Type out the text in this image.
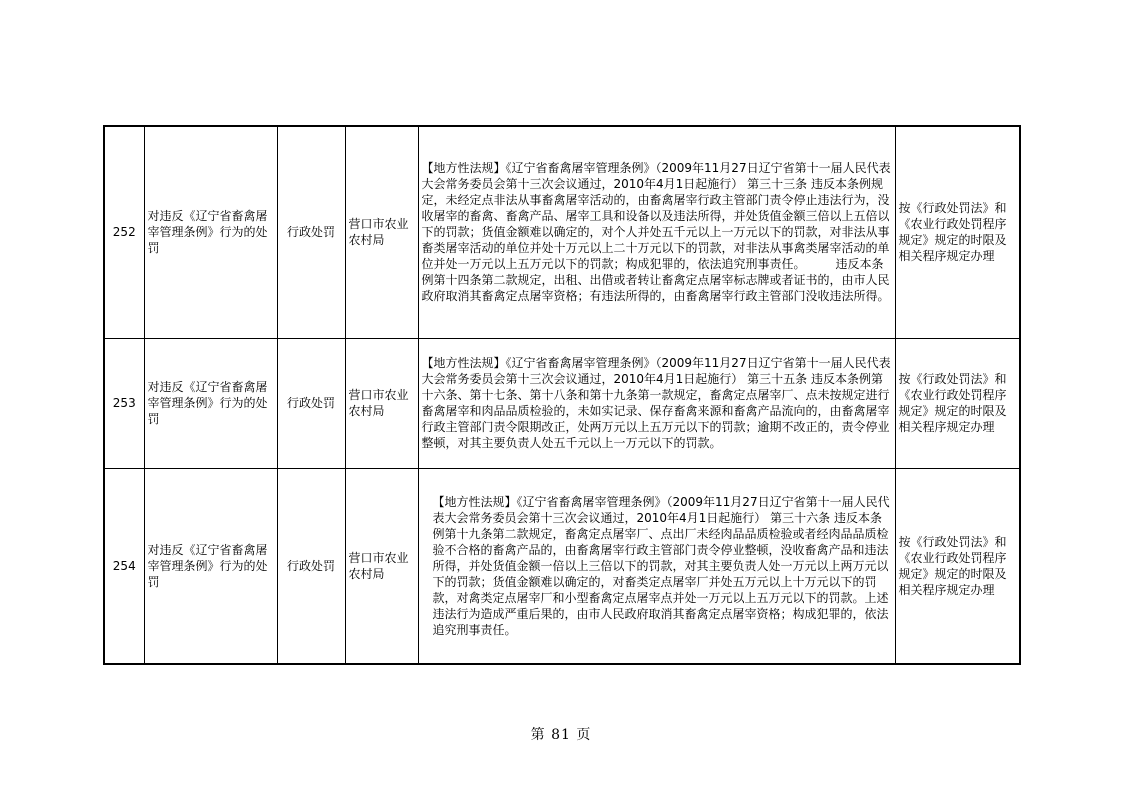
252	对违反《辽宁省畜禽屠宰管理条例》行为的处罚	行政处罚	营口市农业农村局	【地方性法规】《辽宁省畜禽屠宰管理条例》（2009年11月27日辽宁省第十一届人民代表大会常务委员会第十三次会议通过，2010年4月1日起施行） 第三十三条 违反本条例规定，未经定点非法从事畜禽屠宰活动的，由畜禽屠宰行政主管部门责令停止违法行为，没收屠宰的畜禽、畜禽产品、屠宰工具和设备以及违法所得，并处货值金额三倍以上五倍以下的罚款；货值金额难以确定的，对个人并处五千元以上一万元以下的罚款，对非法从事畜类屠宰活动的单位并处十万元以上二十万元以下的罚款，对非法从事禽类屠宰活动的单位并处一万元以上五万元以下的罚款；构成犯罪的，依法追究刑事责任。　　　违反本条例第十四条第二款规定，出租、出借或者转让畜禽定点屠宰标志牌或者证书的，由市人民政府取消其畜禽定点屠宰资格；有违法所得的，由畜禽屠宰行政主管部门没收违法所得。	按《行政处罚法》和《农业行政处罚程序规定》规定的时限及相关程序规定办理
253	对违反《辽宁省畜禽屠宰管理条例》行为的处罚	行政处罚	营口市农业农村局	【地方性法规】《辽宁省畜禽屠宰管理条例》（2009年11月27日辽宁省第十一届人民代表大会常务委员会第十三次会议通过，2010年4月1日起施行） 第三十五条 违反本条例第十六条、第十七条、第十八条和第十九条第一款规定，畜禽定点屠宰厂、点未按规定进行畜禽屠宰和肉品品质检验的，未如实记录、保存畜禽来源和畜禽产品流向的，由畜禽屠宰行政主管部门责令限期改正，处两万元以上五万元以下的罚款；逾期不改正的，责令停业整顿，对其主要负责人处五千元以上一万元以下的罚款。	按《行政处罚法》和《农业行政处罚程序规定》规定的时限及相关程序规定办理
254	对违反《辽宁省畜禽屠宰管理条例》行为的处罚	行政处罚	营口市农业农村局	【地方性法规】《辽宁省畜禽屠宰管理条例》（2009年11月27日辽宁省第十一届人民代表大会常务委员会第十三次会议通过，2010年4月1日起施行） 第三十六条 违反本条例第十九条第二款规定，畜禽定点屠宰厂、点出厂未经肉品品质检验或者经肉品品质检验不合格的畜禽产品的，由畜禽屠宰行政主管部门责令停业整顿，没收畜禽产品和违法所得，并处货值金额一倍以上三倍以下的罚款，对其主要负责人处一万元以上两万元以下的罚款；货值金额难以确定的，对畜类定点屠宰厂并处五万元以上十万元以下的罚款，对禽类定点屠宰厂和小型畜禽定点屠宰点并处一万元以上五万元以下的罚款。上述违法行为造成严重后果的，由市人民政府取消其畜禽定点屠宰资格；构成犯罪的，依法追究刑事责任。	按《行政处罚法》和《农业行政处罚程序规定》规定的时限及相关程序规定办理
第 81 页
